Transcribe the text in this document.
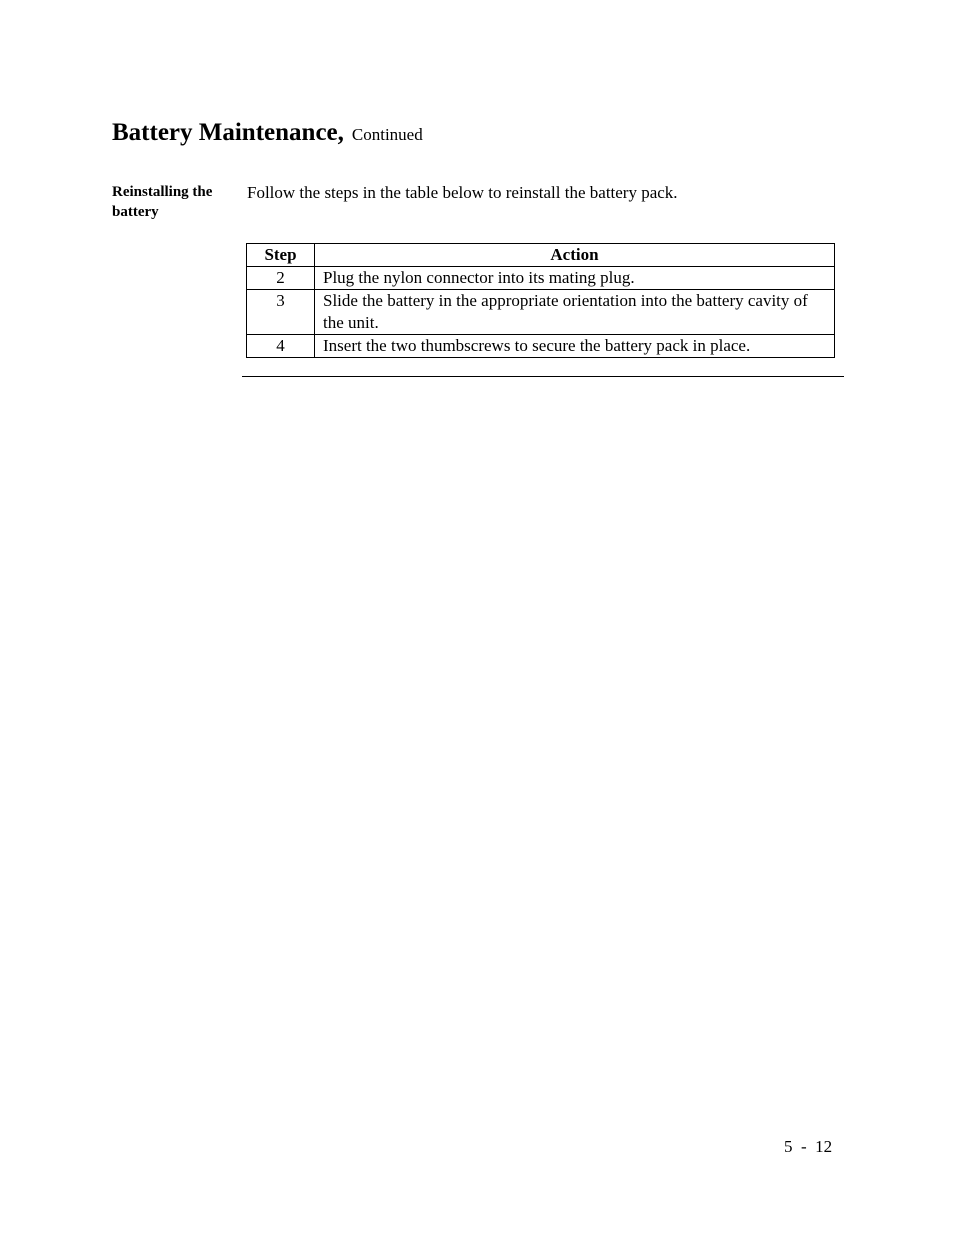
Battery Maintenance, Continued
Reinstalling the battery
Follow the steps in the table below to reinstall the battery pack.
Step	Action
2	Plug the nylon connector into its mating plug.
3	Slide the battery in the appropriate orientation into the battery cavity of the unit.
4	Insert the two thumbscrews to secure the battery pack in place.
5  -  12
